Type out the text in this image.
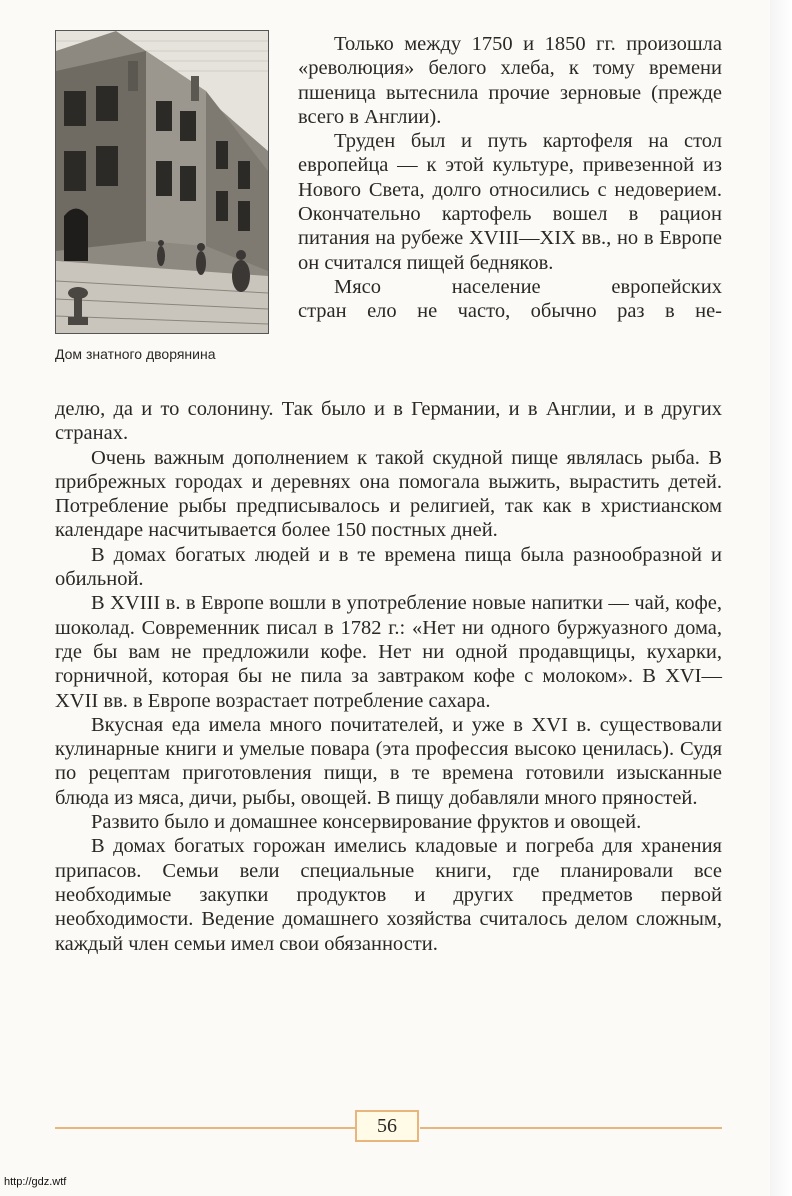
Дом знатного дворянина

Только между 1750 и 1850 гг. произошла «революция» белого хлеба, к тому времени пшеница вытеснила прочие зерновые (прежде всего в Англии).

Труден был и путь картофеля на стол европейца — к этой культуре, привезенной из Нового Света, долго относились с недоверием. Окончательно картофель вошел в рацион питания на рубеже XVIII—XIX вв., но в Европе он считался пищей бедняков.

Мясо население европейских

стран ело не часто, обычно раз в не-

делю, да и то солонину. Так было и в Германии, и в Англии, и в других странах.

Очень важным дополнением к такой скудной пище являлась рыба. В прибрежных городах и деревнях она помогала выжить, вырастить детей. Потребление рыбы предписывалось и религией, так как в христианском календаре насчитывается более 150 постных дней.

В домах богатых людей и в те времена пища была разнообразной и обильной.

В XVIII в. в Европе вошли в употребление новые напитки — чай, кофе, шоколад. Современник писал в 1782 г.: «Нет ни одного буржуазного дома, где бы вам не предложили кофе. Нет ни одной продавщицы, кухарки, горничной, которая бы не пила за завтраком кофе с молоком». В XVI— XVII вв. в Европе возрастает потребление сахара.

Вкусная еда имела много почитателей, и уже в XVI в. существовали кулинарные книги и умелые повара (эта профессия высоко ценилась). Судя по рецептам приготовления пищи, в те времена готовили изысканные блюда из мяса, дичи, рыбы, овощей. В пищу добавляли много пряностей.

Развито было и домашнее консервирование фруктов и овощей.

В домах богатых горожан имелись кладовые и погреба для хранения припасов. Семьи вели специальные книги, где планировали все необходимые закупки продуктов и других предметов первой необходимости. Ведение домашнего хозяйства считалось делом сложным, каждый член семьи имел свои обязанности.

56
http://gdz.wtf
